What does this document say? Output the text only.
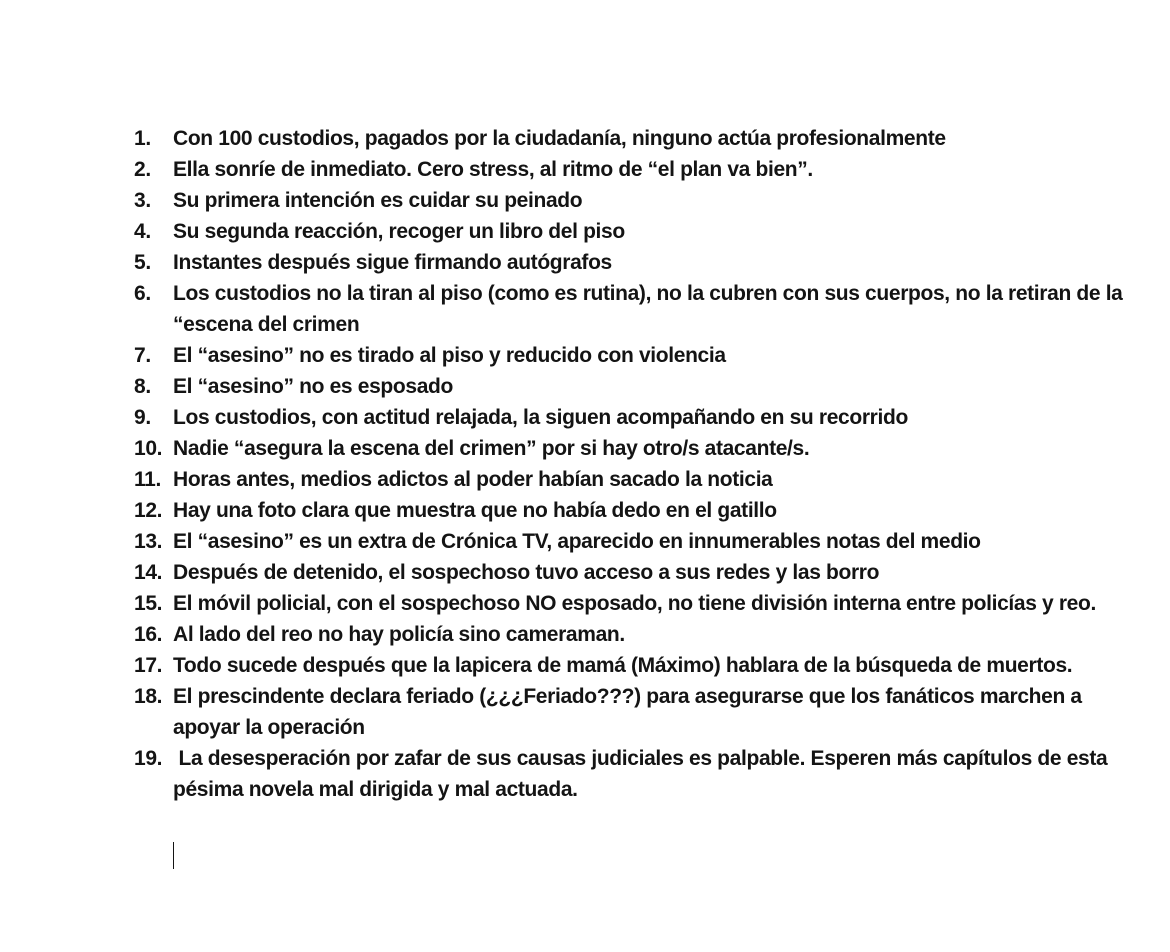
1.	Con 100 custodios, pagados por la ciudadanía, ninguno actúa profesionalmente
2.	Ella sonríe de inmediato. Cero stress, al ritmo de “el plan va bien”.
3.	Su primera intención es cuidar su peinado
4.	Su segunda reacción, recoger un libro del piso
5.	Instantes después sigue firmando autógrafos
6.	Los custodios no la tiran al piso (como es rutina), no la cubren con sus cuerpos, no la retiran de la “escena del crimen
7.	El “asesino” no es tirado al piso y reducido con violencia
8.	El “asesino” no es esposado
9.	Los custodios, con actitud relajada, la siguen acompañando en su recorrido
10. Nadie “asegura la escena del crimen” por si hay otro/s atacante/s.
11. Horas antes, medios adictos al poder habían sacado la noticia
12. Hay una foto clara que muestra que no había dedo en el gatillo
13. El “asesino” es un extra de Crónica TV, aparecido en innumerables notas del medio
14. Después de detenido, el sospechoso tuvo acceso a sus redes y las borro
15. El móvil policial, con el sospechoso NO esposado, no tiene división interna entre policías y reo.
16. Al lado del reo no hay policía sino cameraman.
17. Todo sucede después que la lapicera de mamá (Máximo) hablara de la búsqueda de muertos.
18. El prescindente declara feriado (¿¿¿Feriado???) para asegurarse que los fanáticos marchen a apoyar la operación
19. La desesperación por zafar de sus causas judiciales es palpable. Esperen más capítulos de esta pésima novela mal dirigida y mal actuada.
